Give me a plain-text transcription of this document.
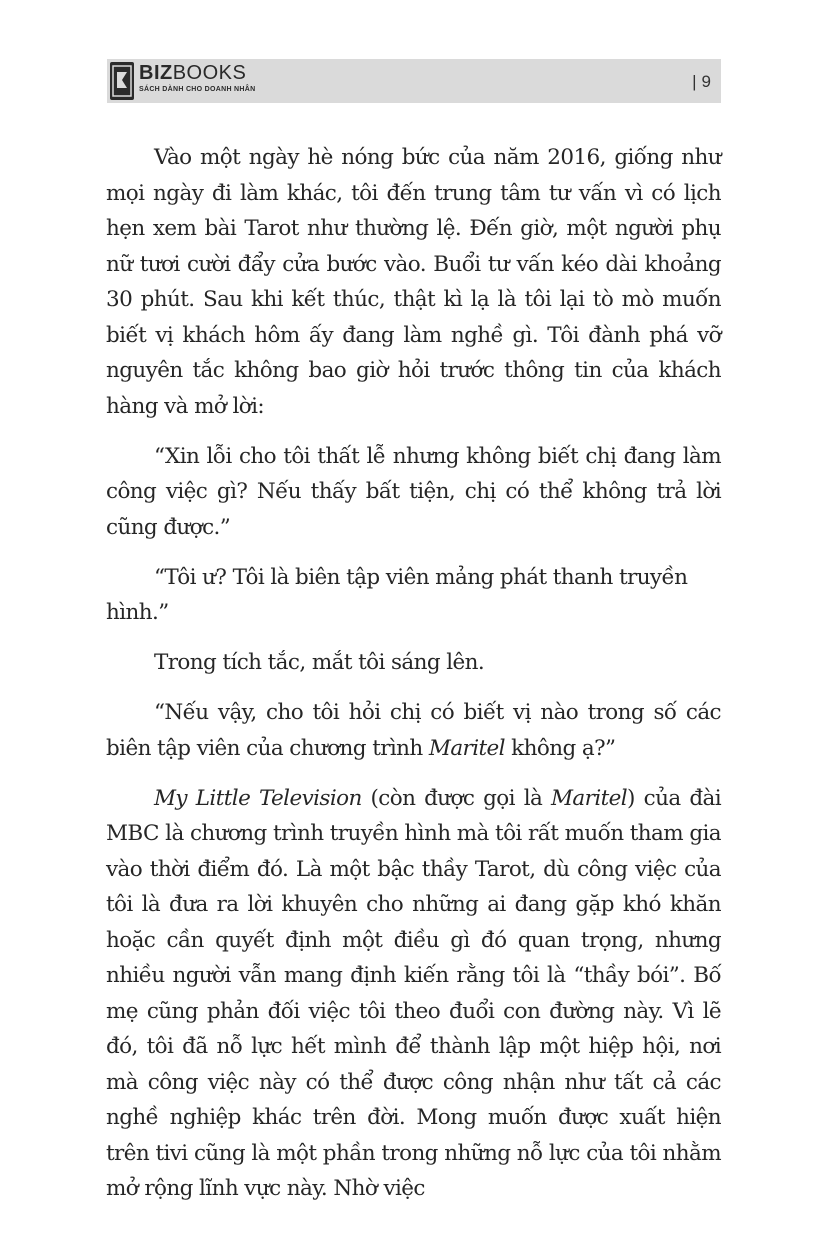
BIZBOOKS
SÁCH DÀNH CHO DOANH NHÂN	| 9

Vào một ngày hè nóng bức của năm 2016, giống như mọi ngày đi làm khác, tôi đến trung tâm tư vấn vì có lịch hẹn xem bài Tarot như thường lệ. Đến giờ, một người phụ nữ tươi cười đẩy cửa bước vào. Buổi tư vấn kéo dài khoảng 30 phút. Sau khi kết thúc, thật kì lạ là tôi lại tò mò muốn biết vị khách hôm ấy đang làm nghề gì. Tôi đành phá vỡ nguyên tắc không bao giờ hỏi trước thông tin của khách hàng và mở lời:

“Xin lỗi cho tôi thất lễ nhưng không biết chị đang làm công việc gì? Nếu thấy bất tiện, chị có thể không trả lời cũng được.”

“Tôi ư? Tôi là biên tập viên mảng phát thanh truyền hình.”

Trong tích tắc, mắt tôi sáng lên.

“Nếu vậy, cho tôi hỏi chị có biết vị nào trong số các biên tập viên của chương trình Maritel không ạ?”

My Little Television (còn được gọi là Maritel) của đài MBC là chương trình truyền hình mà tôi rất muốn tham gia vào thời điểm đó. Là một bậc thầy Tarot, dù công việc của tôi là đưa ra lời khuyên cho những ai đang gặp khó khăn hoặc cần quyết định một điều gì đó quan trọng, nhưng nhiều người vẫn mang định kiến rằng tôi là “thầy bói”. Bố mẹ cũng phản đối việc tôi theo đuổi con đường này. Vì lẽ đó, tôi đã nỗ lực hết mình để thành lập một hiệp hội, nơi mà công việc này có thể được công nhận như tất cả các nghề nghiệp khác trên đời. Mong muốn được xuất hiện trên tivi cũng là một phần trong những nỗ lực của tôi nhằm mở rộng lĩnh vực này. Nhờ việc
